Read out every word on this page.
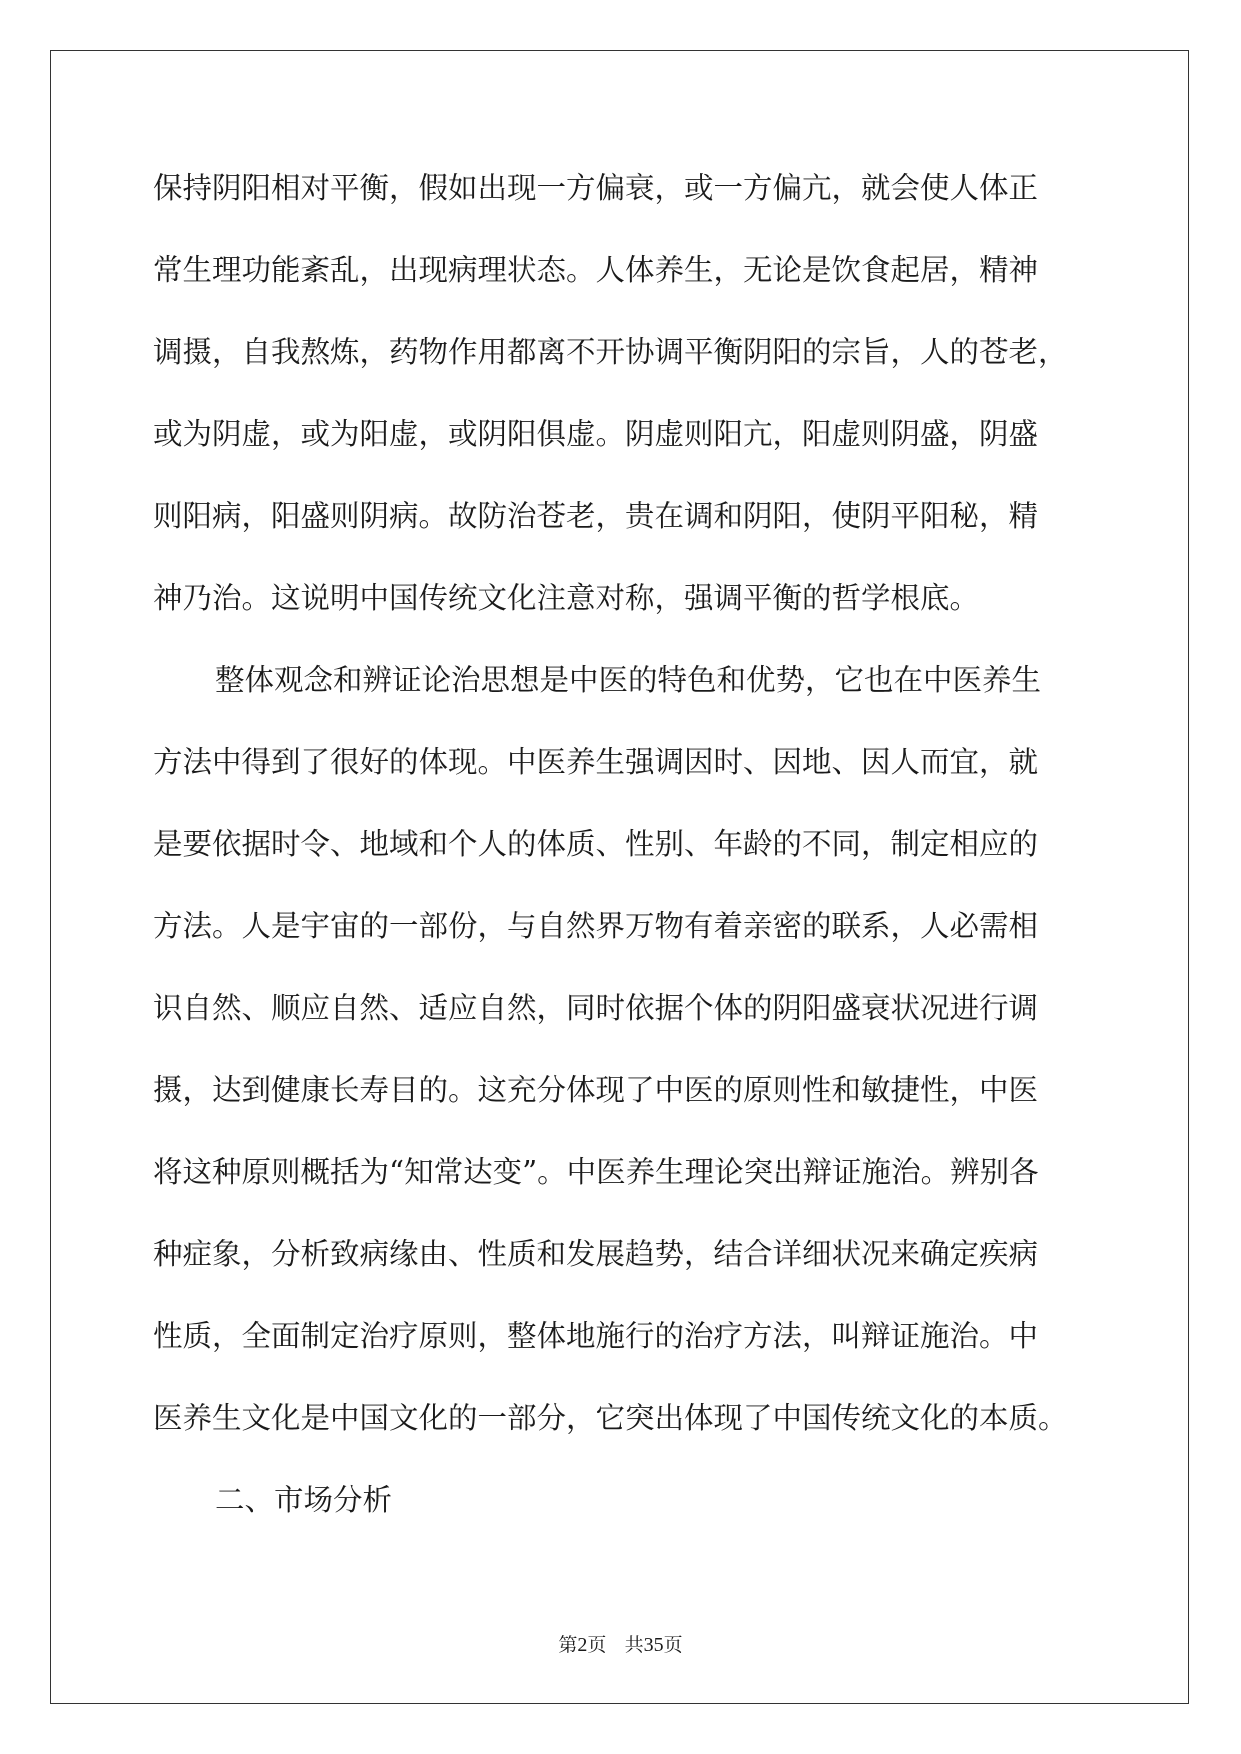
保持阴阳相对平衡，假如出现一方偏衰，或一方偏亢，就会使人体正
常生理功能紊乱，出现病理状态。人体养生，无论是饮食起居，精神
调摄，自我熬炼，药物作用都离不开协调平衡阴阳的宗旨，人的苍老，
或为阴虚，或为阳虚，或阴阳俱虚。阴虚则阳亢，阳虚则阴盛，阴盛
则阳病，阳盛则阴病。故防治苍老，贵在调和阴阳，使阴平阳秘，精
神乃治。这说明中国传统文化注意对称，强调平衡的哲学根底。
整体观念和辨证论治思想是中医的特色和优势，它也在中医养生
方法中得到了很好的体现。中医养生强调因时、因地、因人而宜，就
是要依据时令、地域和个人的体质、性别、年龄的不同，制定相应的
方法。人是宇宙的一部份，与自然界万物有着亲密的联系，人必需相
识自然、顺应自然、适应自然，同时依据个体的阴阳盛衰状况进行调
摄，达到健康长寿目的。这充分体现了中医的原则性和敏捷性，中医
将这种原则概括为“知常达变”。中医养生理论突出辩证施治。辨别各
种症象，分析致病缘由、性质和发展趋势，结合详细状况来确定疾病
性质，全面制定治疗原则，整体地施行的治疗方法，叫辩证施治。中
医养生文化是中国文化的一部分，它突出体现了中国传统文化的本质。
二、市场分析
第2页 共35页
